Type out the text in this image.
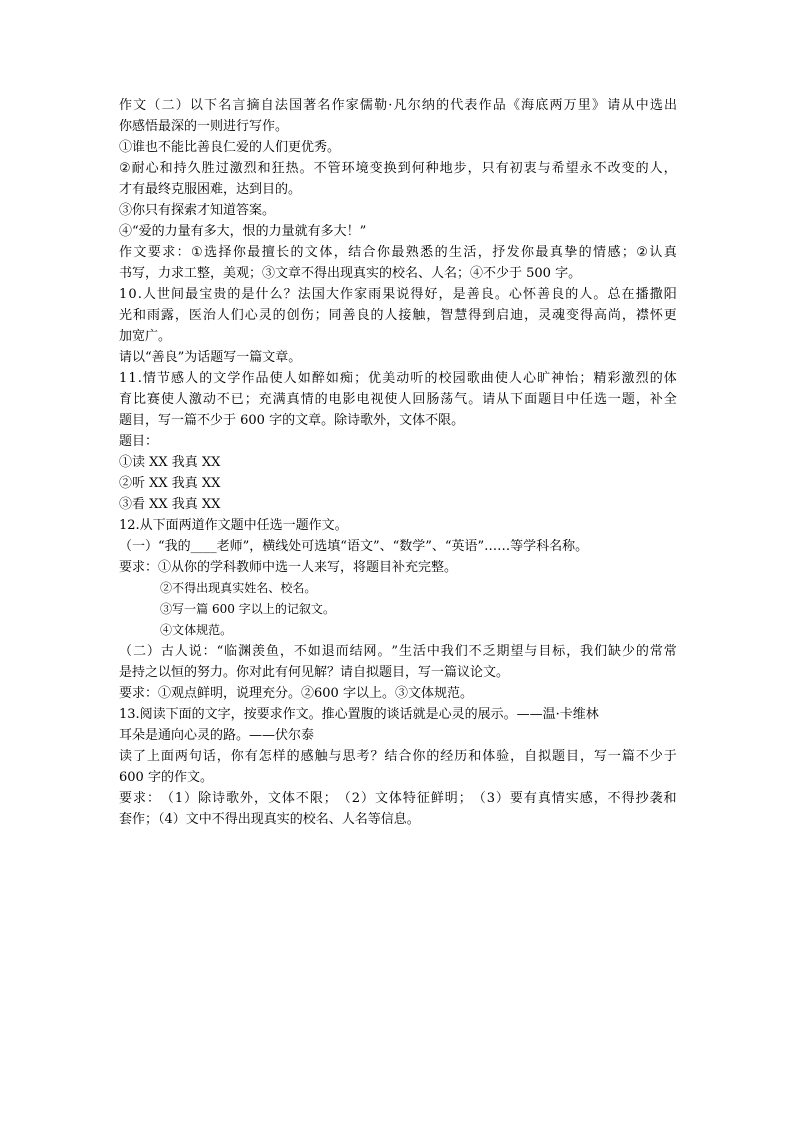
作 文 （ 二 ） 以 下 名 言 摘 自 法 国 著 名 作 家 儒 勒 · 凡 尔 纳 的 代 表 作 品 《 海 底 两 万 里 》 请 从 中 选 出
你感悟最深的一则进行写作。
①谁也不能比善良仁爱的人们更优秀。
② 耐 心 和 持 久 胜 过 激 烈 和 狂 热 。 不 管 环 境 变 换 到 何 种 地 步 ， 只 有 初 衷 与 希 望 永 不 改 变 的 人 ，
才有最终克服困难，达到目的。
③你只有探索才知道答案。
④“爱的力量有多大，恨的力量就有多大！”
作 文 要 求 ： ① 选 择 你 最 擅 长 的 文 体 ， 结 合 你 最 熟 悉 的 生 活 ， 抒 发 你 最 真 挚 的 情 感 ； ② 认 真
书写，力求工整，美观；③文章不得出现真实的校名、人名；④不少于 500 字。
1 0 . 人 世 间 最 宝 贵 的 是 什 么 ？ 法 国 大 作 家 雨 果 说 得 好 ， 是 善 良 。 心 怀 善 良 的 人 。 总 在 播 撒 阳
光 和 雨 露 ， 医 治 人 们 心 灵 的 创 伤 ； 同 善 良 的 人 接 触 ， 智 慧 得 到 启 迪 ， 灵 魂 变 得 高 尚 ， 襟 怀 更
加宽广。
请以“善良”为话题写一篇文章。
1 1 . 情 节 感 人 的 文 学 作 品 使 人 如 醉 如 痴 ； 优 美 动 听 的 校 园 歌 曲 使 人 心 旷 神 怡 ； 精 彩 激 烈 的 体
育 比 赛 使 人 激 动 不 已 ； 充 满 真 情 的 电 影 电 视 使 人 回 肠 荡 气 。 请 从 下 面 题 目 中 任 选 一 题 ， 补 全
题目，写一篇不少于 600 字的文章。除诗歌外，文体不限。
题目：
①读 XX 我真 XX
②听 XX 我真 XX
③看 XX 我真 XX
12.从下面两道作文题中任选一题作文。
（一）“我的____老师”，横线处可选填“语文”、“数学”、“英语”……等学科名称。
要求：①从你的学科教师中选一人来写，将题目补充完整。
②不得出现真实姓名、校名。
③写一篇 600 字以上的记叙文。
④文体规范。
（ 二 ） 古 人 说 ： “ 临 渊 羡 鱼 ， 不 如 退 而 结 网 。 ” 生 活 中 我 们 不 乏 期 望 与 目 标 ， 我 们 缺 少 的 常 常
是持之以恒的努力。你对此有何见解？请自拟题目，写一篇议论文。
要求：①观点鲜明，说理充分。②600 字以上。③文体规范。
13.阅读下面的文字，按要求作文。推心置腹的谈话就是心灵的展示。——温·卡维林
耳朵是通向心灵的路。——伏尔泰
读 了 上 面 两 句 话 ， 你 有 怎 样 的 感 触 与 思 考 ？ 结 合 你 的 经 历 和 体 验 ， 自 拟 题 目 ， 写 一 篇 不 少 于
600 字的作文。
要 求 ： （ 1 ） 除 诗 歌 外 ， 文 体 不 限 ； （ 2 ） 文 体 特 征 鲜 明 ； （ 3 ） 要 有 真 情 实 感 ， 不 得 抄 袭 和
套作；（4）文中不得出现真实的校名、人名等信息。
